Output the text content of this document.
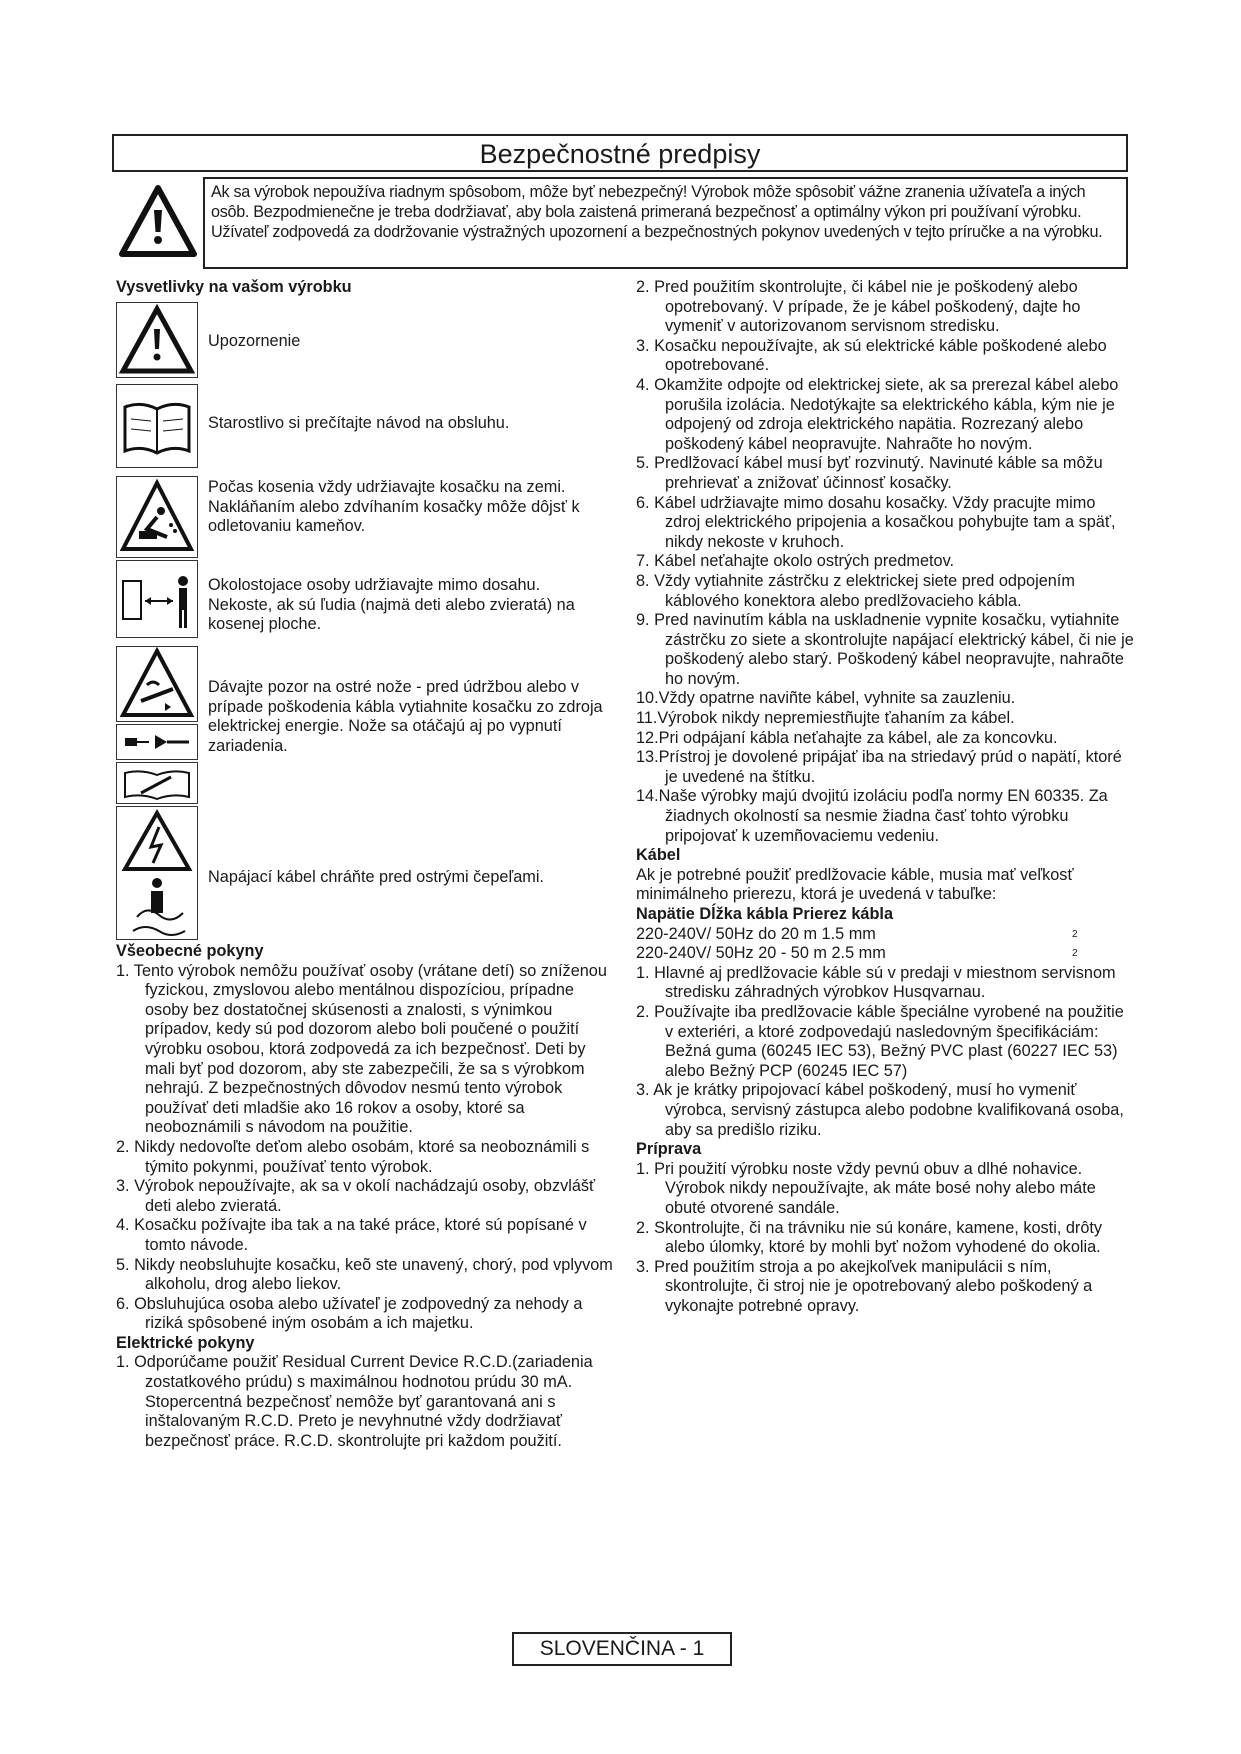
Bezpečnostné predpisy
Ak sa výrobok nepoužíva riadnym spôsobom, môže byť nebezpečný! Výrobok môže spôsobiť vážne zranenia užívateľa a iných osôb. Bezpodmienečne je treba dodržiavať, aby bola zaistená primeraná bezpečnosť a optimálny výkon pri používaní výrobku. Užívateľ zodpovedá za dodržovanie výstražných upozornení a bezpečnostných pokynov uvedených v tejto príručke a na výrobku.
Vysvetlivky na vašom výrobku
Upozornenie
Starostlivo si prečítajte návod na obsluhu.
Počas kosenia vždy udržiavajte kosačku na zemi. Nakláňaním alebo zdvíhaním kosačky môže dôjsť k odletovaniu kameňov.
Okolostojace osoby udržiavajte mimo dosahu. Nekoste, ak sú ľudia (najmä deti alebo zvieratá) na kosenej ploche.
Dávajte pozor na ostré nože - pred údržbou alebo v prípade poškodenia kábla vytiahnite kosačku zo zdroja elektrickej energie. Nože sa otáčajú aj po vypnutí zariadenia.
Napájací kábel chráňte pred ostrými čepeľami.
Všeobecné pokyny

1. Tento výrobok nemôžu používať osoby (vrátane detí) so zníženou fyzickou, zmyslovou alebo mentálnou dispozíciou, prípadne osoby bez dostatočnej skúsenosti a znalosti, s výnimkou prípadov, kedy sú pod dozorom alebo boli poučené o použití výrobku osobou, ktorá zodpovedá za ich bezpečnosť. Deti by mali byť pod dozorom, aby ste zabezpečili, že sa s výrobkom nehrajú. Z bezpečnostných dôvodov nesmú tento výrobok používať deti mladšie ako 16 rokov a osoby, ktoré sa neoboznámili s návodom na použitie.

2. Nikdy nedovoľte deťom alebo osobám, ktoré sa neoboznámili s týmito pokynmi, používať tento výrobok.

3. Výrobok nepoužívajte, ak sa v okolí nachádzajú osoby, obzvlášť deti alebo zvieratá.

4. Kosačku požívajte iba tak a na také práce, ktoré sú popísané v tomto návode.

5. Nikdy neobsluhujte kosačku, keõ ste unavený, chorý, pod vplyvom alkoholu, drog alebo liekov.

6. Obsluhujúca osoba alebo užívateľ je zodpovedný za nehody a riziká spôsobené iným osobám a ich majetku.

Elektrické pokyny

1. Odporúčame použiť Residual Current Device R.C.D.(zariadenia zostatkového prúdu) s maximálnou hodnotou prúdu 30 mA. Stopercentná bezpečnosť nemôže byť garantovaná ani s inštalovaným R.C.D. Preto je nevyhnutné vždy dodržiavať bezpečnosť práce. R.C.D. skontrolujte pri každom použití.

2. Pred použitím skontrolujte, či kábel nie je poškodený alebo opotrebovaný. V prípade, že je kábel poškodený, dajte ho vymeniť v autorizovanom servisnom stredisku.

3. Kosačku nepoužívajte, ak sú elektrické káble poškodené alebo opotrebované.

4. Okamžite odpojte od elektrickej siete, ak sa prerezal kábel alebo porušila izolácia. Nedotýkajte sa elektrického kábla, kým nie je odpojený od zdroja elektrického napätia. Rozrezaný alebo poškodený kábel neopravujte. Nahraõte ho novým.

5. Predlžovací kábel musí byť rozvinutý. Navinuté káble sa môžu prehrievať a znižovať účinnosť kosačky.

6. Kábel udržiavajte mimo dosahu kosačky. Vždy pracujte mimo zdroj elektrického pripojenia a kosačkou pohybujte tam a späť, nikdy nekoste v kruhoch.

7. Kábel neťahajte okolo ostrých predmetov.

8. Vždy vytiahnite zástrčku z elektrickej siete pred odpojením káblového konektora alebo predlžovacieho kábla.

9. Pred navinutím kábla na uskladnenie vypnite kosačku, vytiahnite zástrčku zo siete a skontrolujte napájací elektrický kábel, či nie je poškodený alebo starý. Poškodený kábel neopravujte, nahraõte ho novým.

10.Vždy opatrne naviñte kábel, vyhnite sa zauzleniu.

11.Výrobok nikdy nepremiestñujte ťahaním za kábel.

12.Pri odpájaní kábla neťahajte za kábel, ale za koncovku.

13.Prístroj je dovolené pripájať iba na striedavý prúd o napätí, ktoré je uvedené na štítku.

14.Naše výrobky majú dvojitú izoláciu podľa normy EN 60335. Za žiadnych okolností sa nesmie žiadna časť tohto výrobku pripojovať k uzemñovaciemu vedeniu.

Kábel
Ak je potrebné použiť predlžovacie káble, musia mať veľkosť minimálneho prierezu, ktorá je uvedená v tabuľke:
Napätie Dĺžka kábla Prierez kábla
220-240V/ 50Hz do 20 m 1.5 mm	2
220-240V/ 50Hz 20 - 50 m 2.5 mm	2

1. Hlavné aj predlžovacie káble sú v predaji v miestnom servisnom stredisku záhradných výrobkov Husqvarnau.

2. Používajte iba predlžovacie káble špeciálne vyrobené na použitie v exteriéri, a ktoré zodpovedajú nasledovným špecifikáciám: Bežná guma (60245 IEC 53), Bežný PVC plast (60227 IEC 53) alebo Bežný PCP (60245 IEC 57)

3. Ak je krátky pripojovací kábel poškodený, musí ho vymeniť výrobca, servisný zástupca alebo podobne kvalifikovaná osoba, aby sa predišlo riziku.

Príprava

1. Pri použití výrobku noste vždy pevnú obuv a dlhé nohavice. Výrobok nikdy nepoužívajte, ak máte bosé nohy alebo máte obuté otvorené sandále.

2. Skontrolujte, či na trávniku nie sú konáre, kamene, kosti, drôty alebo úlomky, ktoré by mohli byť nožom vyhodené do okolia.

3. Pred použitím stroja a po akejkoľvek manipulácii s ním, skontrolujte, či stroj nie je opotrebovaný alebo poškodený a vykonajte potrebné opravy.

SLOVENČINA - 1
